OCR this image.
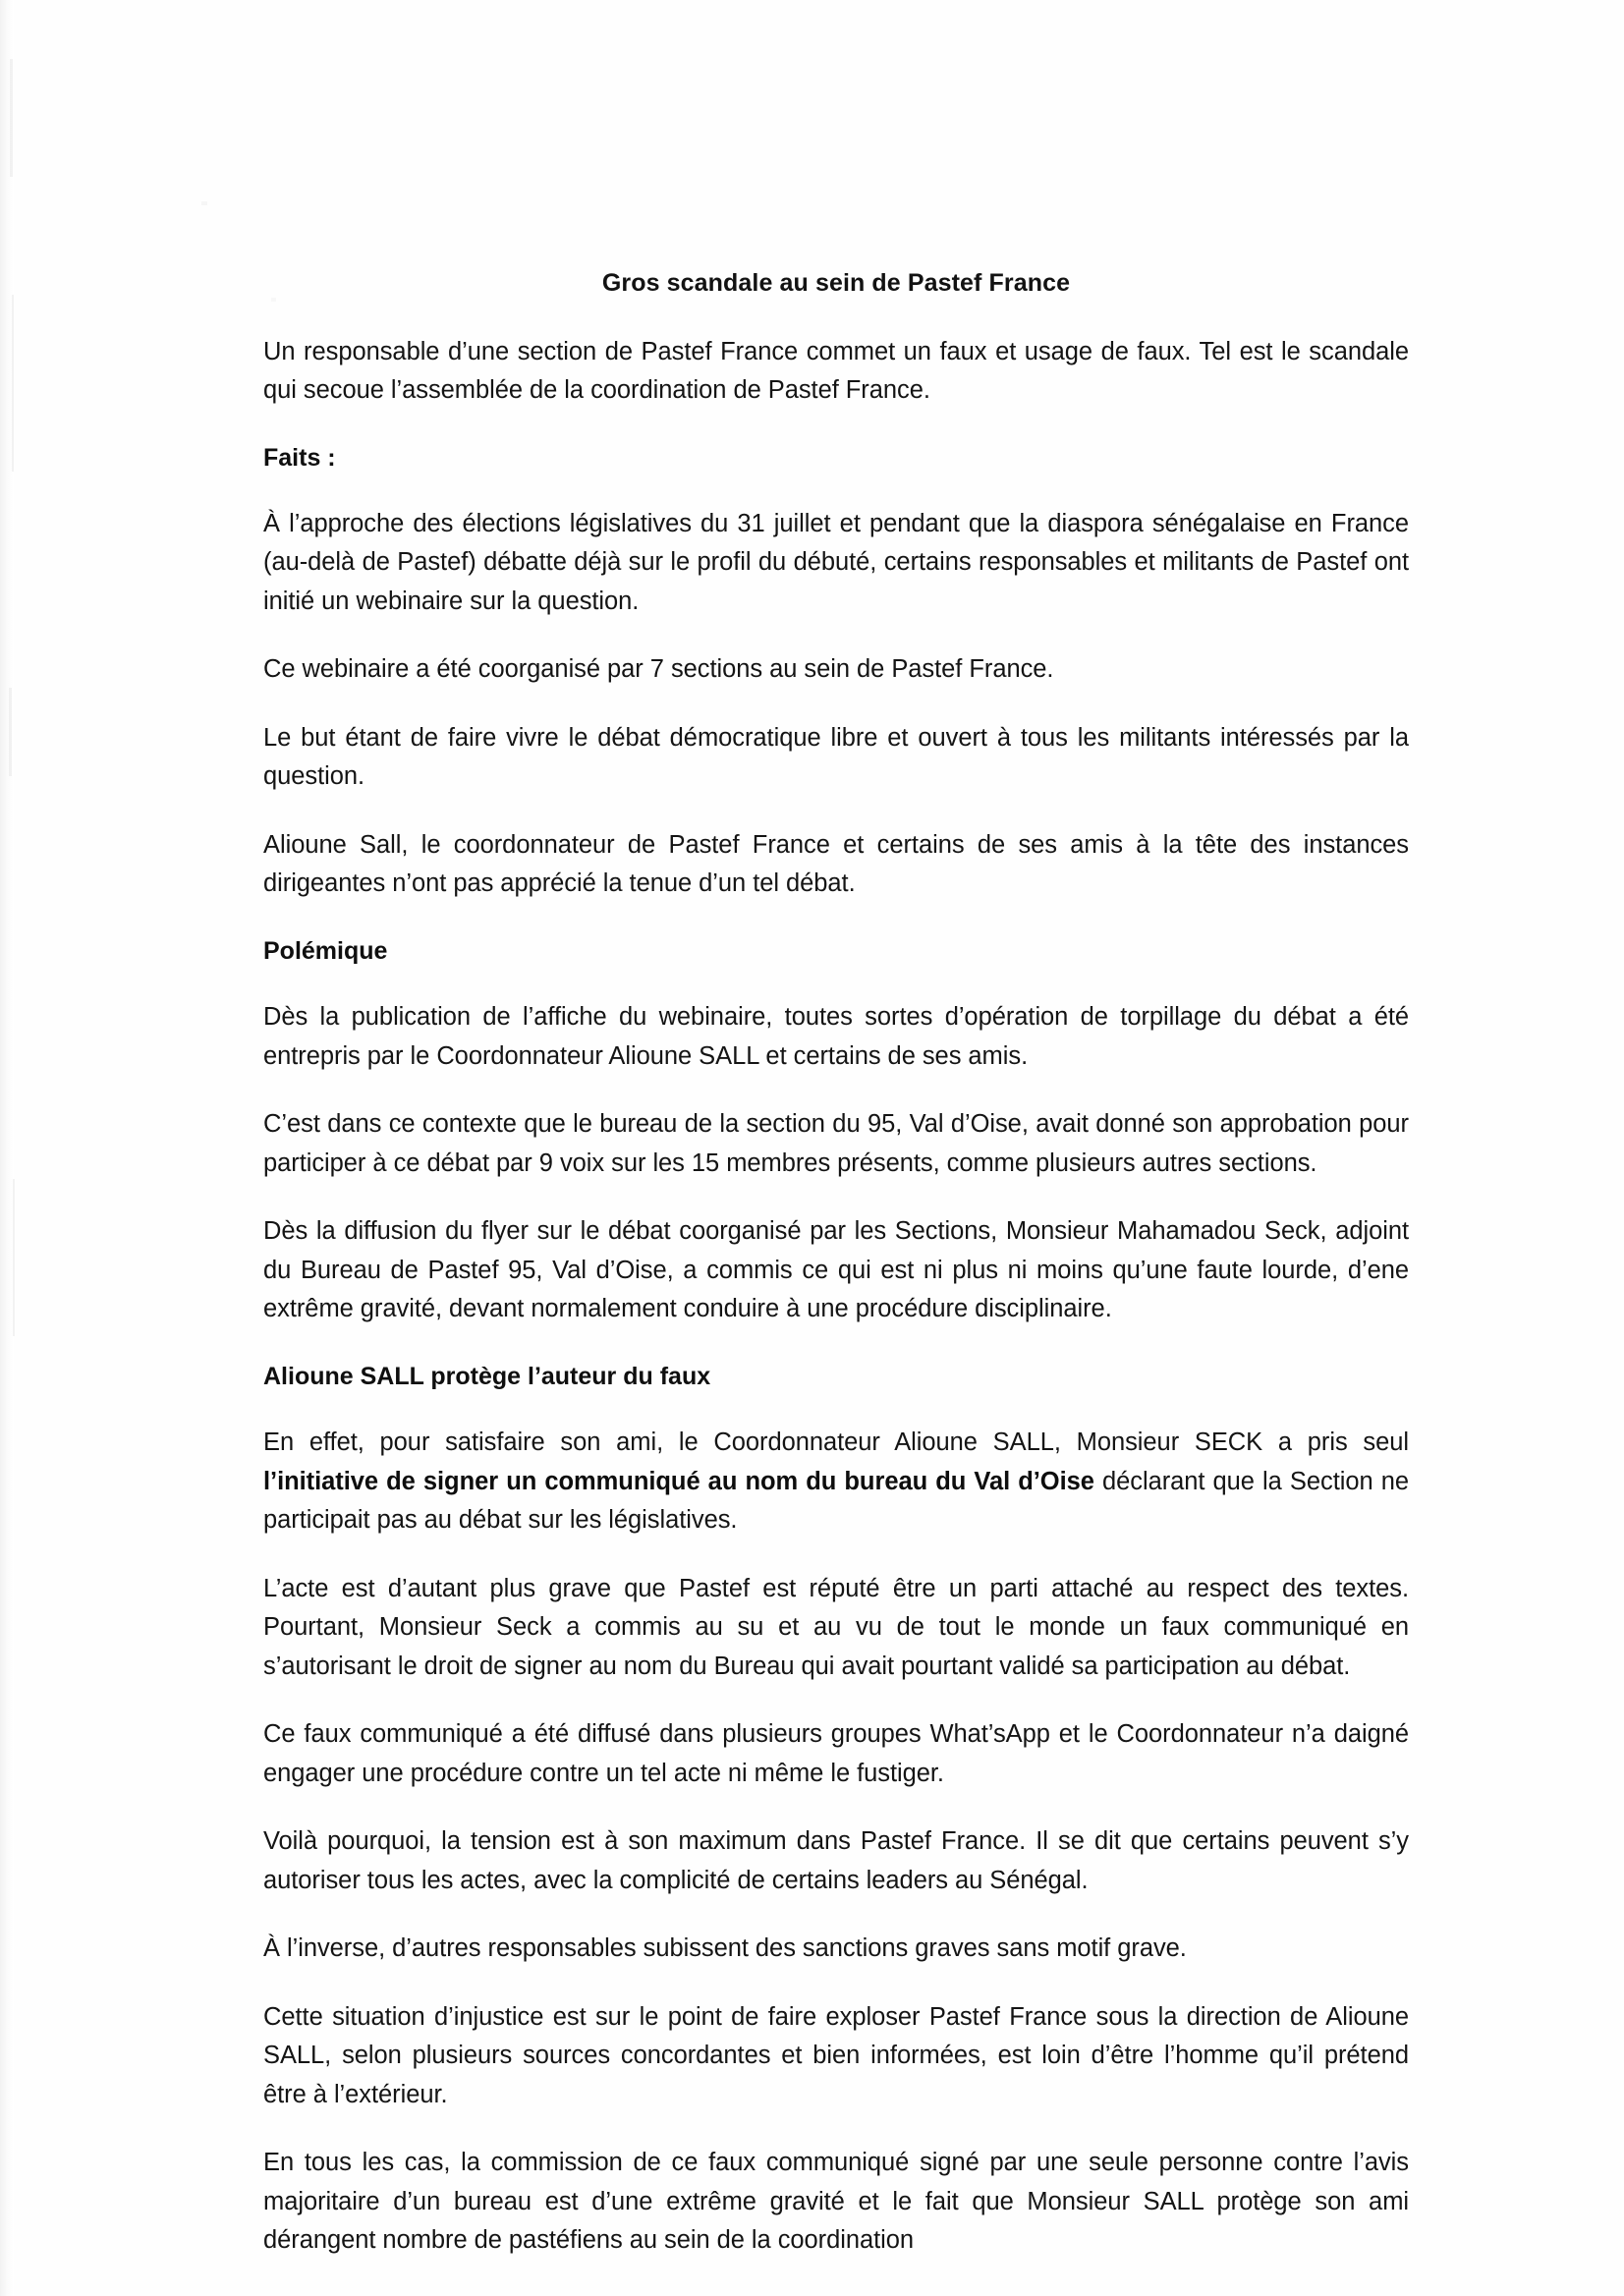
Gros scandale au sein de Pastef France

Un responsable d’une section de Pastef France commet un faux et usage de faux. Tel est le scandale qui secoue l’assemblée de la coordination de Pastef France.

Faits :

À l’approche des élections législatives du 31 juillet et pendant que la diaspora sénégalaise en France (au-delà de Pastef) débatte déjà sur le profil du débuté, certains responsables et militants de Pastef ont initié un webinaire sur la question.

Ce webinaire a été coorganisé par 7 sections au sein de Pastef France.

Le but étant de faire vivre le débat démocratique libre et ouvert à tous les militants intéressés par la question.

Alioune Sall, le coordonnateur de Pastef France et certains de ses amis à la tête des instances dirigeantes n’ont pas apprécié la tenue d’un tel débat.

Polémique

Dès la publication de l’affiche du webinaire, toutes sortes d’opération de torpillage du débat a été entrepris par le Coordonnateur Alioune SALL et certains de ses amis.

C’est dans ce contexte que le bureau de la section du 95, Val d’Oise, avait donné son approbation pour participer à ce débat par 9 voix sur les 15 membres présents, comme plusieurs autres sections.

Dès la diffusion du flyer sur le débat coorganisé par les Sections, Monsieur Mahamadou Seck, adjoint du Bureau de Pastef 95, Val d’Oise, a commis ce qui est ni plus ni moins qu’une faute lourde, d’ene extrême gravité, devant normalement conduire à une procédure disciplinaire.

Alioune SALL protège l’auteur du faux

En effet, pour satisfaire son ami, le Coordonnateur Alioune SALL, Monsieur SECK a pris seul l’initiative de signer un communiqué au nom du bureau du Val d’Oise déclarant que la Section ne participait pas au débat sur les législatives.

L’acte est d’autant plus grave que Pastef est réputé être un parti attaché au respect des textes. Pourtant, Monsieur Seck a commis au su et au vu de tout le monde un faux communiqué en s’autorisant le droit de signer au nom du Bureau qui avait pourtant validé sa participation au débat.

Ce faux communiqué a été diffusé dans plusieurs groupes What’sApp et le Coordonnateur n’a daigné engager une procédure contre un tel acte ni même le fustiger.

Voilà pourquoi, la tension est à son maximum dans Pastef France. Il se dit que certains peuvent s’y autoriser tous les actes, avec la complicité de certains leaders au Sénégal.

À l’inverse, d’autres responsables subissent des sanctions graves sans motif grave.

Cette situation d’injustice est sur le point de faire exploser Pastef France sous la direction de Alioune SALL, selon plusieurs sources concordantes et bien informées, est loin d’être l’homme qu’il prétend être à l’extérieur.

En tous les cas, la commission de ce faux communiqué signé par une seule personne contre l’avis majoritaire d’un bureau est d’une extrême gravité et le fait que Monsieur SALL protège son ami dérangent nombre de pastéfiens au sein de la coordination
